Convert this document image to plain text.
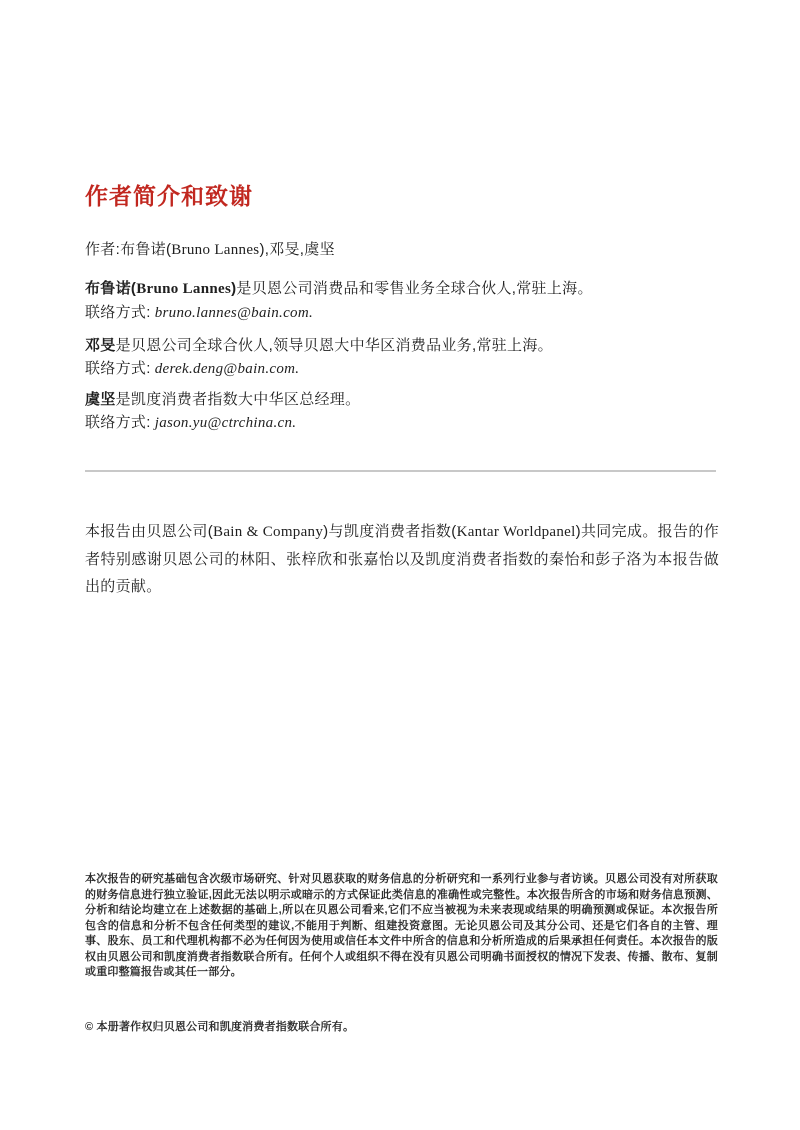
作者简介和致谢
作者:布鲁诺(Bruno Lannes),邓旻,虞坚
布鲁诺(Bruno Lannes)是贝恩公司消费品和零售业务全球合伙人,常驻上海。
联络方式: bruno.lannes@bain.com.
邓旻是贝恩公司全球合伙人,领导贝恩大中华区消费品业务,常驻上海。
联络方式: derek.deng@bain.com.
虞坚是凯度消费者指数大中华区总经理。
联络方式: jason.yu@ctrchina.cn.
本报告由贝恩公司(Bain & Company)与凯度消费者指数(Kantar Worldpanel)共同完成。报告的作者特别感谢贝恩公司的林阳、张梓欣和张嘉怡以及凯度消费者指数的秦怡和彭子洛为本报告做出的贡献。
本次报告的研究基础包含次级市场研究、针对贝恩获取的财务信息的分析研究和一系列行业参与者访谈。贝恩公司没有对所获取的财务信息进行独立验证,因此无法以明示或暗示的方式保证此类信息的准确性或完整性。本次报告所含的市场和财务信息预测、分析和结论均建立在上述数据的基础上,所以在贝恩公司看来,它们不应当被视为未来表现或结果的明确预测或保证。本次报告所包含的信息和分析不包含任何类型的建议,不能用于判断、组建投资意图。无论贝恩公司及其分公司、还是它们各自的主管、理事、股东、员工和代理机构都不必为任何因为使用或信任本文件中所含的信息和分析所造成的后果承担任何责任。本次报告的版权由贝恩公司和凯度消费者指数联合所有。任何个人或组织不得在没有贝恩公司明确书面授权的情况下发表、传播、散布、复制或重印整篇报告或其任一部分。
© 本册著作权归贝恩公司和凯度消费者指数联合所有。
